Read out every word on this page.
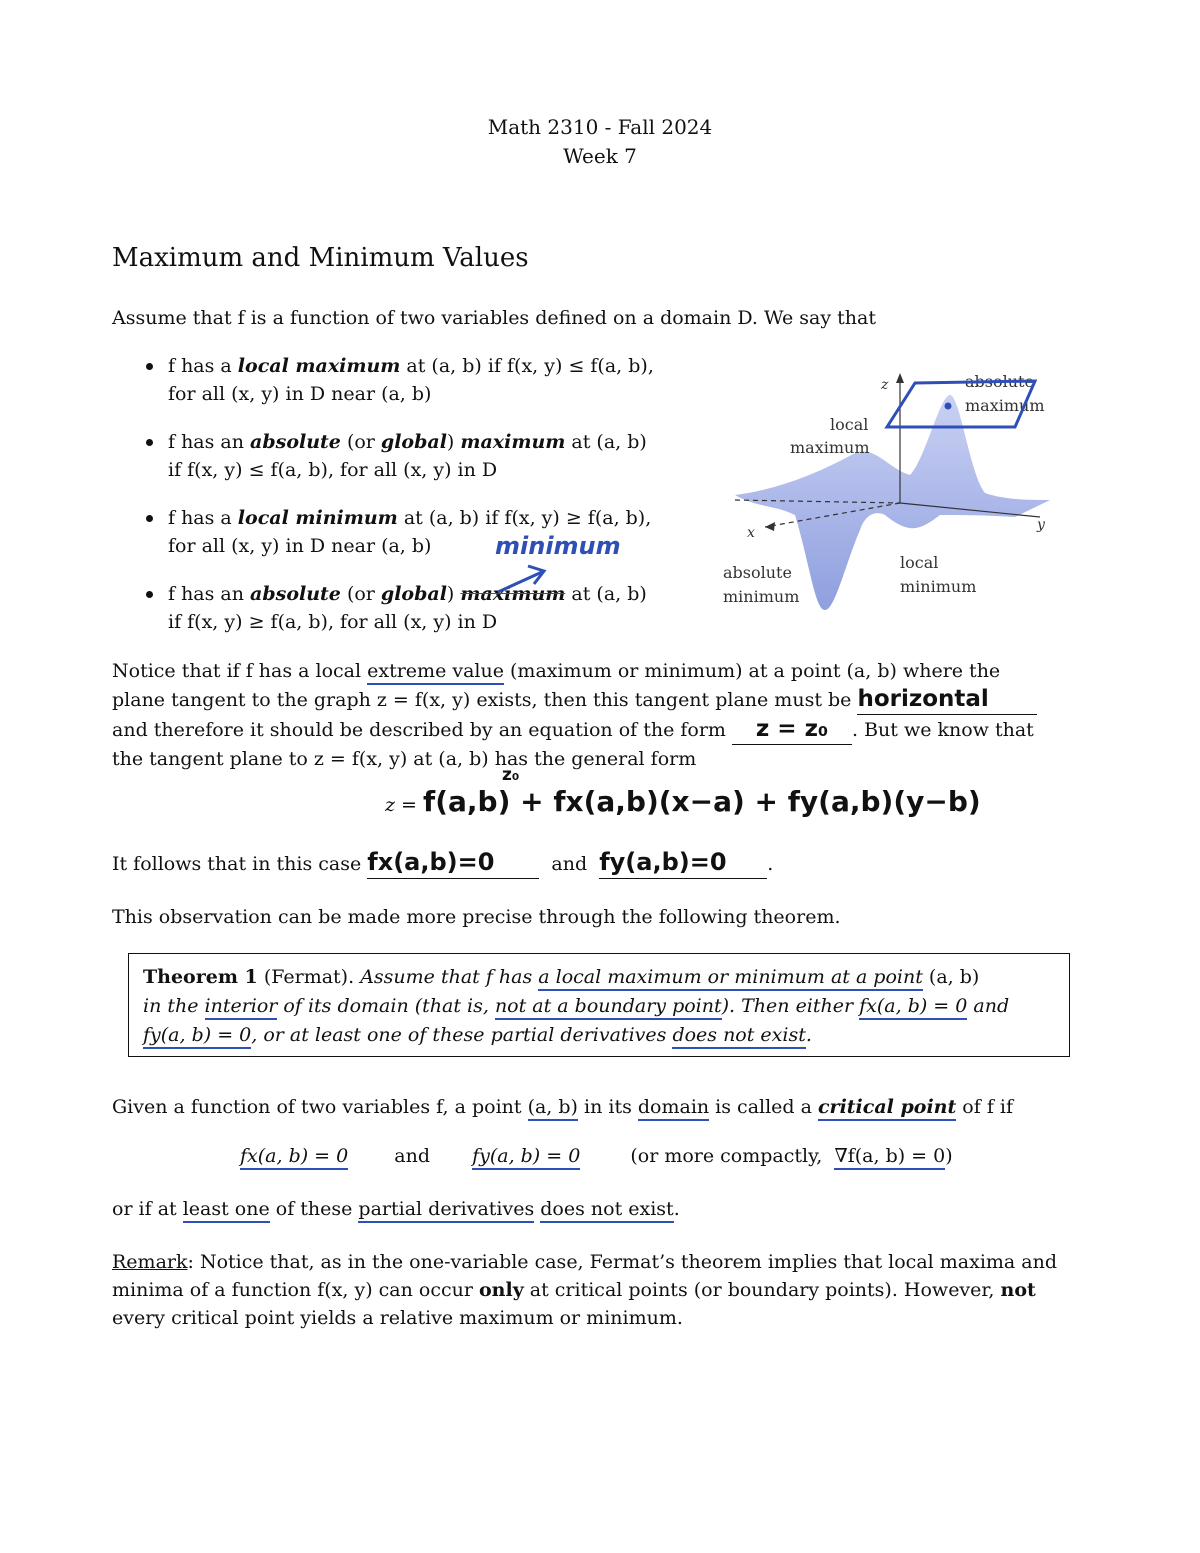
Math 2310 - Fall 2024
Week 7
Maximum and Minimum Values
Assume that f is a function of two variables defined on a domain D. We say that
f has a local maximum at (a, b) if f(x, y) ≤ f(a, b),
for all (x, y) in D near (a, b)
f has an absolute (or global) maximum at (a, b)
if f(x, y) ≤ f(a, b), for all (x, y) in D
f has a local minimum at (a, b) if f(x, y) ≥ f(a, b),
for all (x, y) in D near (a, b)
f has an absolute (or global) maximum at (a, b)
if f(x, y) ≥ f(a, b), for all (x, y) in D
minimum
z
x	y
absolute
maximum
local
maximum
absolute
minimum
local
minimum
Notice that if f has a local extreme value (maximum or minimum) at a point (a, b) where the
plane tangent to the graph z = f(x, y) exists, then this tangent plane must be horizontal
and therefore it should be described by an equation of the form z = z₀ . But we know that
the tangent plane to z = f(x, y) at (a, b) has the general form
z₀
z = f(a,b) + fx(a,b)(x−a) + fy(a,b)(y−b)
It follows that in this case fx(a,b)=0	and fy(a,b)=0 .
This observation can be made more precise through the following theorem.
Theorem 1 (Fermat). Assume that f has a local maximum or minimum at a point (a, b)
in the interior of its domain (that is, not at a boundary point). Then either fx(a, b) = 0 and
fy(a, b) = 0, or at least one of these partial derivatives does not exist.
Given a function of two variables f, a point (a, b) in its domain is called a critical point of f if
fx(a, b) = 0 and fy(a, b) = 0	(or more compactly, ∇f(a, b) = 0)
or if at least one of these partial derivatives does not exist.
Remark: Notice that, as in the one-variable case, Fermat’s theorem implies that local maxima and
minima of a function f(x, y) can occur only at critical points (or boundary points). However, not
every critical point yields a relative maximum or minimum.
